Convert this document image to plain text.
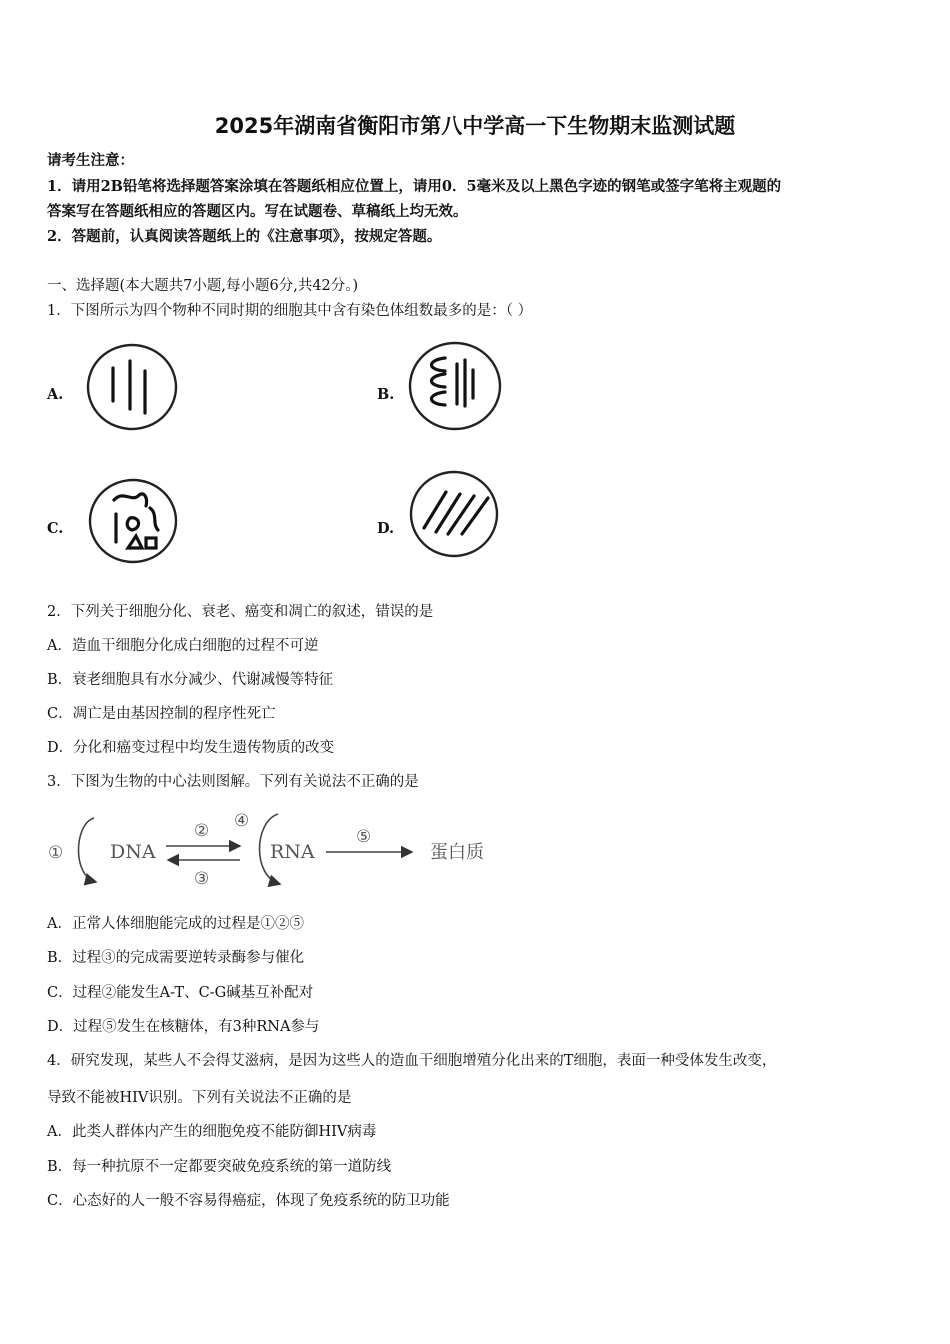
2025年湖南省衡阳市第八中学高一下生物期末监测试题
请考生注意：
1．请用2B铅笔将选择题答案涂填在答题纸相应位置上，请用0．5毫米及以上黑色字迹的钢笔或签字笔将主观题的
答案写在答题纸相应的答题区内。写在试题卷、草稿纸上均无效。
2．答题前，认真阅读答题纸上的《注意事项》，按规定答题。
一、选择题(本大题共7小题,每小题6分,共42分。)
1．下图所示为四个物种不同时期的细胞其中含有染色体组数最多的是：（ ）
A.	B.
C.	D.
2．下列关于细胞分化、衰老、癌变和凋亡的叙述，错误的是
A．造血干细胞分化成白细胞的过程不可逆
B．衰老细胞具有水分减少、代谢减慢等特征
C．凋亡是由基因控制的程序性死亡
D．分化和癌变过程中均发生遗传物质的改变
3．下图为生物的中心法则图解。下列有关说法不正确的是
① DNA
②
③
④
RNA
⑤
蛋白质
A．正常人体细胞能完成的过程是①②⑤
B．过程③的完成需要逆转录酶参与催化
C．过程②能发生A-T、C-G碱基互补配对
D．过程⑤发生在核糖体，有3种RNA参与
4．研究发现，某些人不会得艾滋病，是因为这些人的造血干细胞增殖分化出来的T细胞，表面一种受体发生改变，
导致不能被HIV识别。下列有关说法不正确的是
A．此类人群体内产生的细胞免疫不能防御HIV病毒
B．每一种抗原不一定都要突破免疫系统的第一道防线
C．心态好的人一般不容易得癌症，体现了免疫系统的防卫功能
